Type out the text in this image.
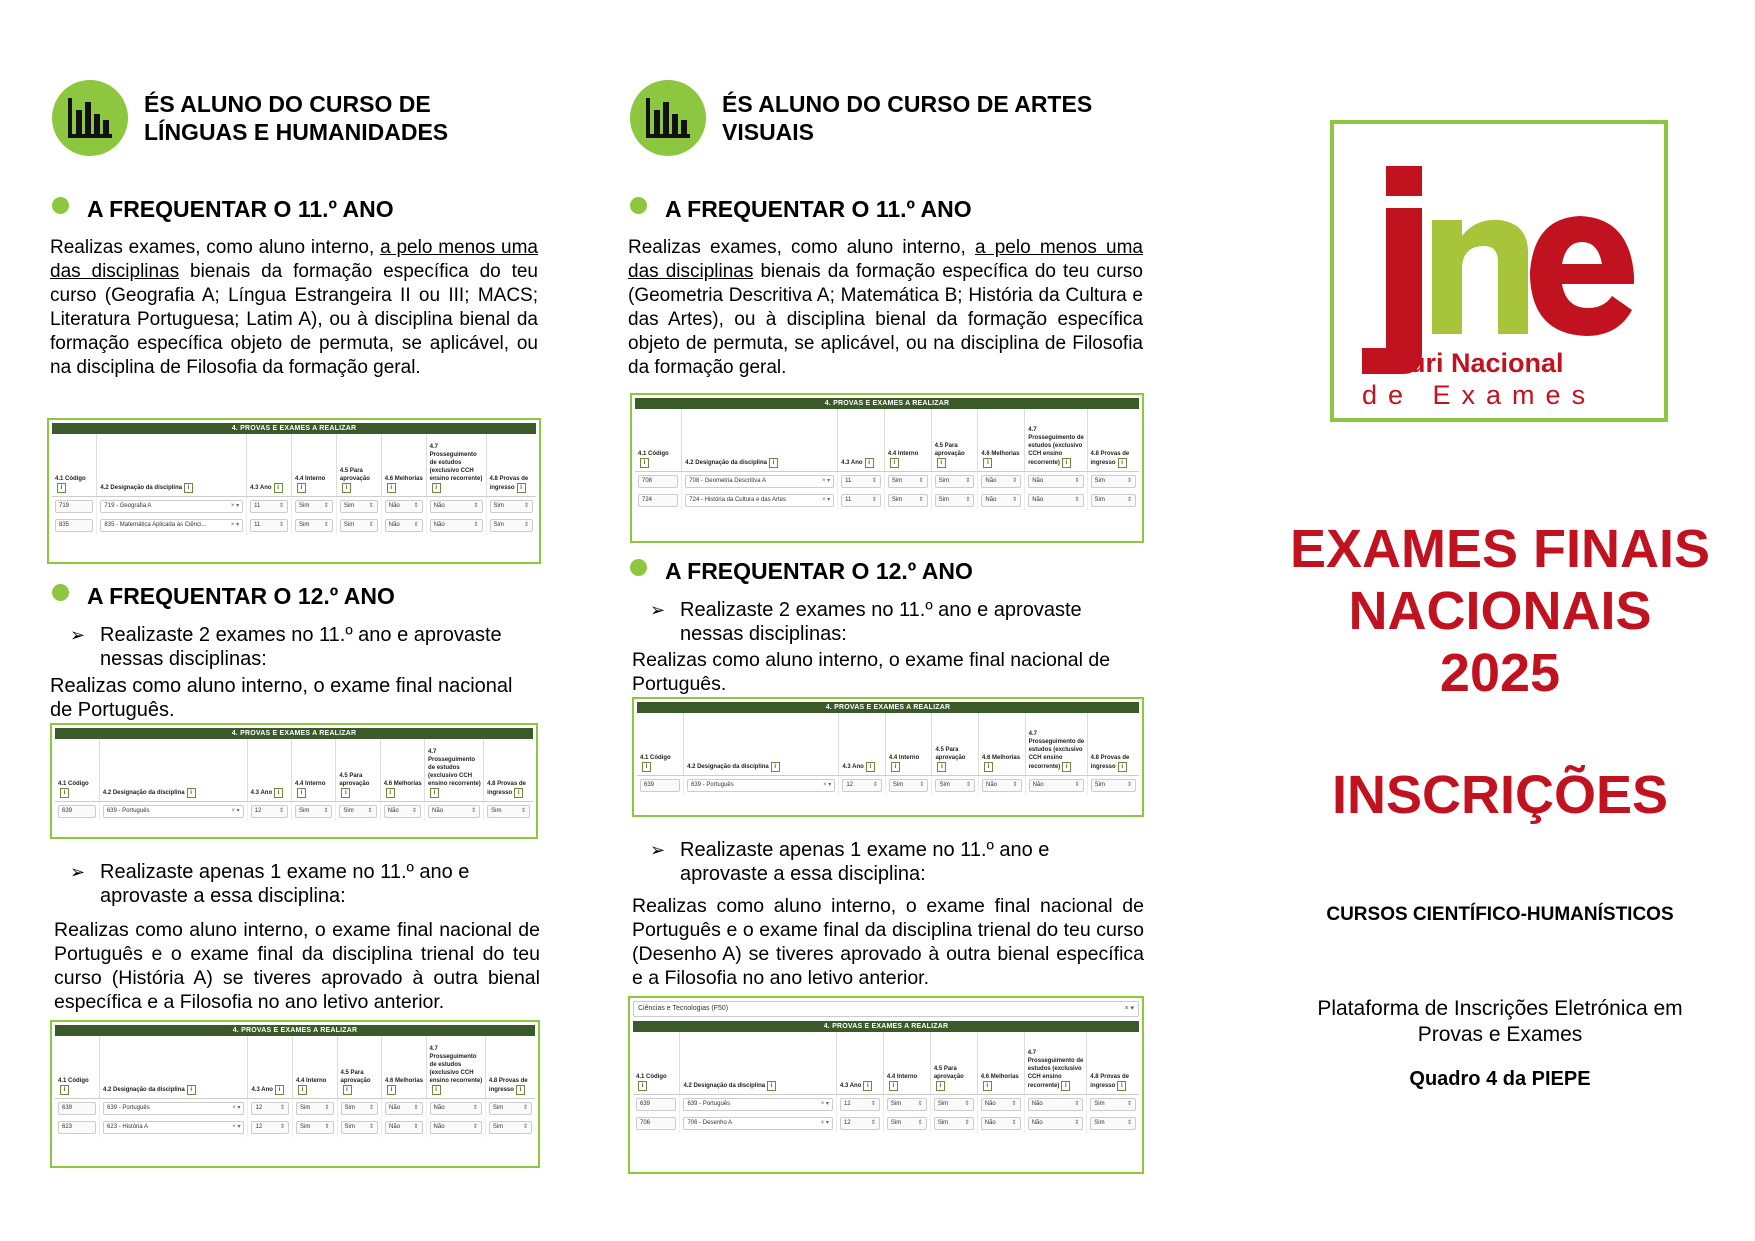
ÉS ALUNO DO CURSO DE LÍNGUAS E HUMANIDADES
A FREQUENTAR O 11.º ANO
Realizas exames, como aluno interno, a pelo menos uma das disciplinas bienais da formação específica do teu curso (Geografia A; Língua Estrangeira II ou III; MACS; Literatura Portuguesa; Latim A), ou à disciplina bienal da formação específica objeto de permuta, se aplicável, ou na disciplina de Filosofia da formação geral.
4. PROVAS E EXAMES A REALIZAR
4.1 Códigoi	4.2 Designação da disciplina i	4.3 Ano i	4.4 Internoi	4.5 Para aprovaçãoi	4.6 Melhoriasi	4.7 Prosseguimento de estudos (exclusivo CCH ensino recorrente)i	4.8 Provas de ingresso i

719	719 - Geografia A × ▾	11 ⇕	Sim ⇕	Sim ⇕	Não ⇕	Não ⇕	Sim ⇕

835	835 - Matemática Aplicada às Ciênci... × ▾	11 ⇕	Sim ⇕	Sim ⇕	Não ⇕	Não ⇕	Sim ⇕
A FREQUENTAR O 12.º ANO
➢ Realizaste 2 exames no 11.º ano e aprovaste nessas disciplinas:
Realizas como aluno interno, o exame final nacional de Português.
4. PROVAS E EXAMES A REALIZAR
4.1 Códigoi	4.2 Designação da disciplina i	4.3 Ano i	4.4 Internoi	4.5 Para aprovaçãoi	4.6 Melhoriasi	4.7 Prosseguimento de estudos (exclusivo CCH ensino recorrente)i	4.8 Provas de ingresso i

639	639 - Português × ▾	12 ⇕	Sim ⇕	Sim ⇕	Não ⇕	Não ⇕	Sim ⇕
➢ Realizaste apenas 1 exame no 11.º ano e aprovaste a essa disciplina:
Realizas como aluno interno, o exame final nacional de Português e o exame final da disciplina trienal do teu curso (História A) se tiveres aprovado à outra bienal específica e a Filosofia no ano letivo anterior.
4. PROVAS E EXAMES A REALIZAR
4.1 Códigoi	4.2 Designação da disciplina i	4.3 Ano i	4.4 Internoi	4.5 Para aprovaçãoi	4.6 Melhoriasi	4.7 Prosseguimento de estudos (exclusivo CCH ensino recorrente)i	4.8 Provas de ingresso i

639	639 - Português × ▾	12 ⇕	Sim ⇕	Sim ⇕	Não ⇕	Não ⇕	Sim ⇕

623	623 - História A × ▾	12 ⇕	Sim ⇕	Sim ⇕	Não ⇕	Não ⇕	Sim ⇕
ÉS ALUNO DO CURSO DE ARTES VISUAIS
A FREQUENTAR O 11.º ANO
Realizas exames, como aluno interno, a pelo menos uma das disciplinas bienais da formação específica do teu curso (Geometria Descritiva A; Matemática B; História da Cultura e das Artes), ou à disciplina bienal da formação específica objeto de permuta, se aplicável, ou na disciplina de Filosofia da formação geral.
4. PROVAS E EXAMES A REALIZAR
4.1 Códigoi	4.2 Designação da disciplina i	4.3 Ano i	4.4 Internoi	4.5 Para aprovaçãoi	4.6 Melhoriasi	4.7 Prosseguimento de estudos (exclusivo CCH ensino recorrente) i	4.8 Provas de ingresso i

708	708 - Geometria Descritiva A × ▾	11 ⇕	Sim ⇕	Sim ⇕	Não ⇕	Não ⇕	Sim ⇕

724	724 - História da Cultura e das Artes × ▾	11 ⇕	Sim ⇕	Sim ⇕	Não ⇕	Não ⇕	Sim ⇕
A FREQUENTAR O 12.º ANO
➢ Realizaste 2 exames no 11.º ano e aprovaste nessas disciplinas:
Realizas como aluno interno, o exame final nacional de Português.
4. PROVAS E EXAMES A REALIZAR
4.1 Códigoi	4.2 Designação da disciplina i	4.3 Ano i	4.4 Internoi	4.5 Para aprovaçãoi	4.6 Melhoriasi	4.7 Prosseguimento de estudos (exclusivo CCH ensino recorrente) i	4.8 Provas de ingresso i

639	639 - Português × ▾	12 ⇕	Sim ⇕	Sim ⇕	Não ⇕	Não ⇕	Sim ⇕
➢ Realizaste apenas 1 exame no 11.º ano e aprovaste a essa disciplina:
Realizas como aluno interno, o exame final nacional de Português e o exame final da disciplina trienal do teu curso (Desenho A) se tiveres aprovado à outra bienal específica e a Filosofia no ano letivo anterior.
Ciências e Tecnologias (F50)	× ▾
4. PROVAS E EXAMES A REALIZAR
4.1 Códigoi	4.2 Designação da disciplina i	4.3 Ano i	4.4 Internoi	4.5 Para aprovaçãoi	4.6 Melhoriasi	4.7 Prosseguimento de estudos (exclusivo CCH ensino recorrente) i	4.8 Provas de ingresso i

639	639 - Português × ▾	12 ⇕	Sim ⇕	Sim ⇕	Não ⇕	Não ⇕	Sim ⇕

706	706 - Desenho A × ▾	12 ⇕	Sim ⇕	Sim ⇕	Não ⇕	Não ⇕	Sim ⇕
úri Nacional
de Exames
EXAMES FINAIS
NACIONAIS
2025
INSCRIÇÕES
CURSOS CIENTÍFICO-HUMANÍSTICOS
Plataforma de Inscrições Eletrónica em Provas e Exames
Quadro 4 da PIEPE
